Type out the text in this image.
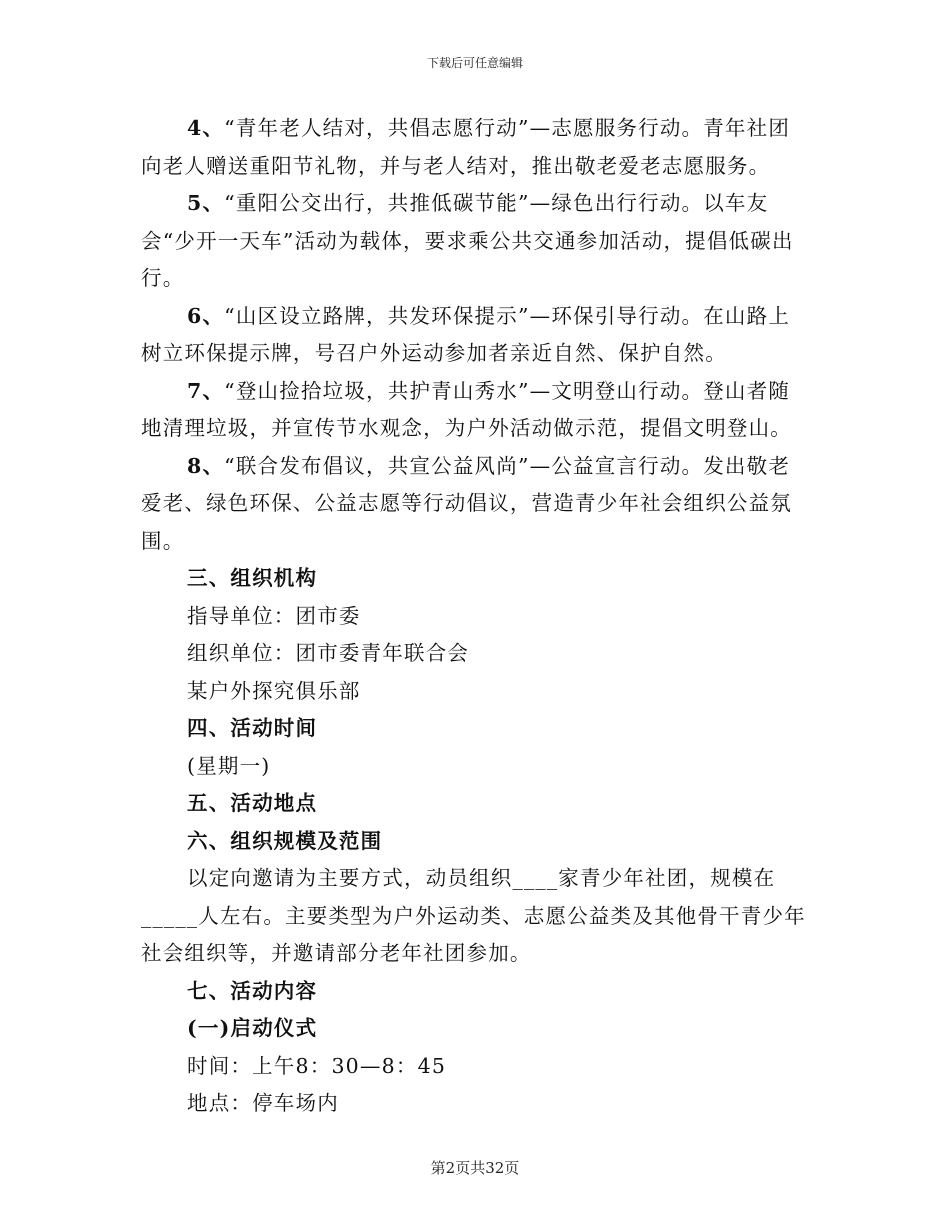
下载后可任意编辑

4、“青年老人结对，共倡志愿行动”—志愿服务行动。青年社团向老人赠送重阳节礼物，并与老人结对，推出敬老爱老志愿服务。

5、“重阳公交出行，共推低碳节能”—绿色出行行动。以车友会“少开一天车”活动为载体，要求乘公共交通参加活动，提倡低碳出行。

6、“山区设立路牌，共发环保提示”—环保引导行动。在山路上树立环保提示牌，号召户外运动参加者亲近自然、保护自然。

7、“登山捡拾垃圾，共护青山秀水”—文明登山行动。登山者随地清理垃圾，并宣传节水观念，为户外活动做示范，提倡文明登山。

8、“联合发布倡议，共宣公益风尚”—公益宣言行动。发出敬老爱老、绿色环保、公益志愿等行动倡议，营造青少年社会组织公益氛围。

三、组织机构

指导单位：团市委

组织单位：团市委青年联合会

某户外探究俱乐部

四、活动时间

(星期一)

五、活动地点

六、组织规模及范围

以定向邀请为主要方式，动员组织____家青少年社团，规模在_____人左右。主要类型为户外运动类、志愿公益类及其他骨干青少年社会组织等，并邀请部分老年社团参加。

七、活动内容

(一)启动仪式

时间：上午8：30—8：45

地点：停车场内

第2页共32页
